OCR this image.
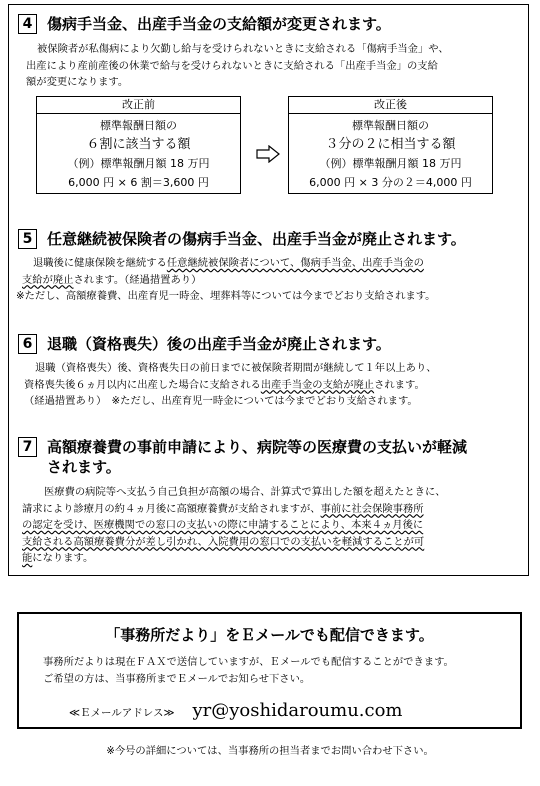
4 傷病手当金、出産手当金の支給額が変更されます。

被保険者が私傷病により欠勤し給与を受けられないときに支給される「傷病手当金」や、

出産により産前産後の休業で給与を受けられないときに支給される「出産手当金」の支給

額が変更になります。

改正前
標準報酬日額の
６割に該当する額
（例）標準報酬月額 18 万円
6,000 円 × 6 割＝3,600 円
改正後
標準報酬日額の
３分の２に相当する額
（例）標準報酬月額 18 万円
6,000 円 × 3 分の２＝4,000 円
5 任意継続被保険者の傷病手当金、出産手当金が廃止されます。

退職後に健康保険を継続する任意継続被保険者について、傷病手当金、出産手当金の

支給が廃止されます。（経過措置あり）

※ただし、高額療養費、出産育児一時金、埋葬料等については今までどおり支給されます。

6 退職（資格喪失）後の出産手当金が廃止されます。

退職（資格喪失）後、資格喪失日の前日までに被保険者期間が継続して１年以上あり、

資格喪失後６ヵ月以内に出産した場合に支給される出産手当金の支給が廃止されます。

（経過措置あり）　※ただし、出産育児一時金については今までどおり支給されます。

7 高額療養費の事前申請により、病院等の医療費の支払いが軽減
されます。

医療費の病院等へ支払う自己負担が高額の場合、計算式で算出した額を超えたときに、

請求により診療月の約４ヵ月後に高額療養費が支給されますが、事前に社会保険事務所

の認定を受け、医療機関での窓口の支払いの際に申請することにより、本来４ヵ月後に

支給される高額療養費分が差し引かれ、入院費用の窓口での支払いを軽減することが可

能になります。

「事務所だより」をＥメールでも配信できます。

事務所だよりは現在ＦＡＸで送信していますが、Ｅメールでも配信することができます。

ご希望の方は、当事務所までＥメールでお知らせ下さい。

≪Ｅメールアドレス≫ yr@yoshidaroumu.com
※今号の詳細については、当事務所の担当者までお問い合わせ下さい。
